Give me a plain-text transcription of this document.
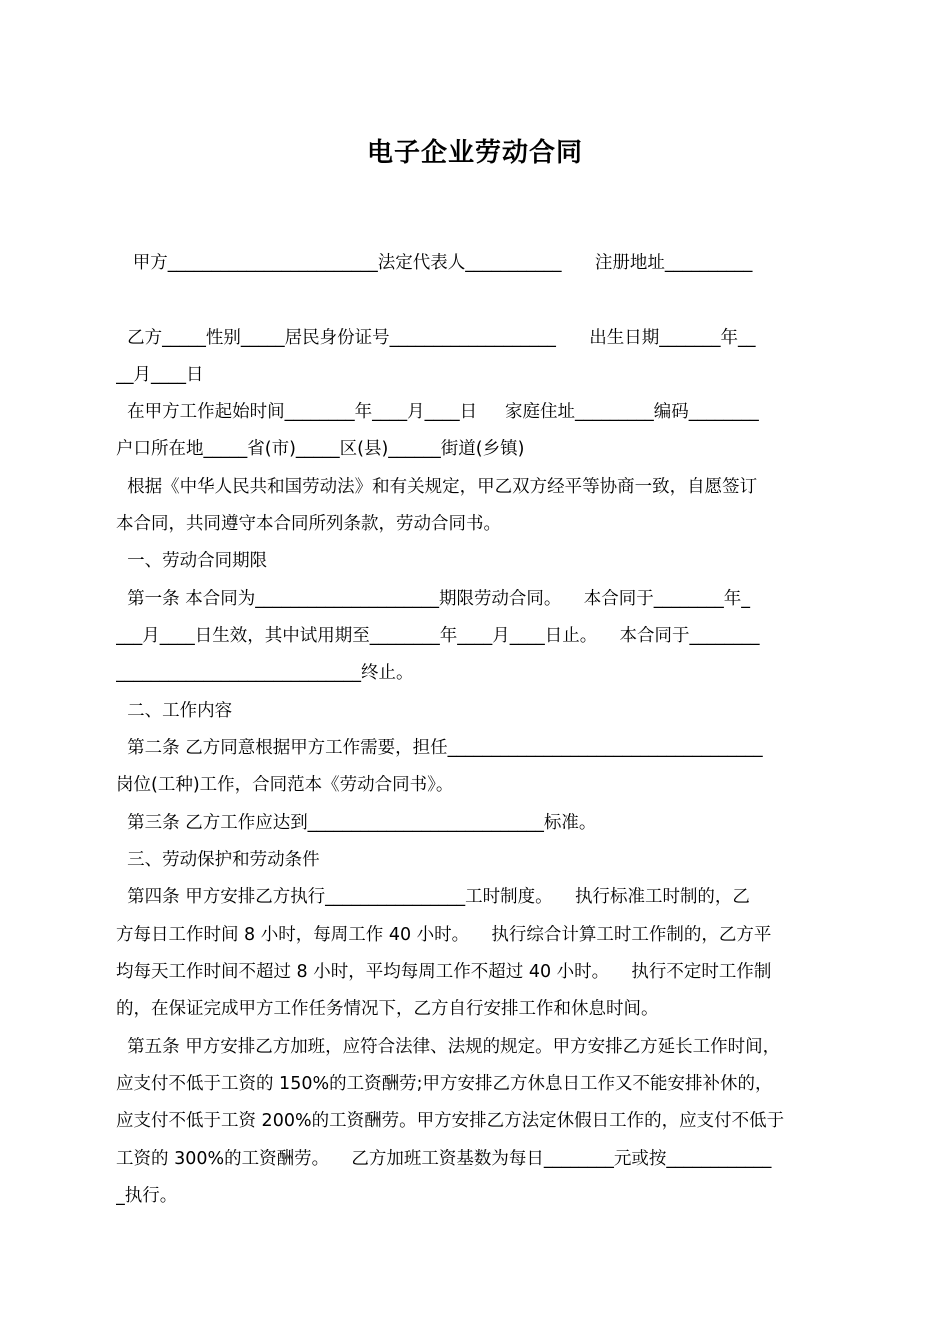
电子企业劳动合同
甲方________________________法定代表人___________      注册地址__________
乙方_____性别_____居民身份证号___________________      出生日期_______年__
__月____日
在甲方工作起始时间________年____月____日     家庭住址_________编码________
户口所在地_____省(市)_____区(县)______街道(乡镇)
根据《中华人民共和国劳动法》和有关规定，甲乙双方经平等协商一致，自愿签订
本合同，共同遵守本合同所列条款，劳动合同书。
一、劳动合同期限
第一条 本合同为_____________________期限劳动合同。    本合同于________年_
___月____日生效，其中试用期至________年____月____日止。    本合同于________
____________________________终止。
二、工作内容
第二条 乙方同意根据甲方工作需要，担任____________________________________
岗位(工种)工作，合同范本《劳动合同书》。
第三条 乙方工作应达到___________________________标准。
三、劳动保护和劳动条件
第四条 甲方安排乙方执行________________工时制度。    执行标准工时制的，乙
方每日工作时间 8 小时，每周工作 40 小时。    执行综合计算工时工作制的，乙方平
均每天工作时间不超过 8 小时，平均每周工作不超过 40 小时。    执行不定时工作制
的，在保证完成甲方工作任务情况下，乙方自行安排工作和休息时间。
第五条 甲方安排乙方加班，应符合法律、法规的规定。甲方安排乙方延长工作时间，
应支付不低于工资的 150%的工资酬劳;甲方安排乙方休息日工作又不能安排补休的，
应支付不低于工资 200%的工资酬劳。甲方安排乙方法定休假日工作的，应支付不低于
工资的 300%的工资酬劳。    乙方加班工资基数为每日________元或按____________
_执行。
